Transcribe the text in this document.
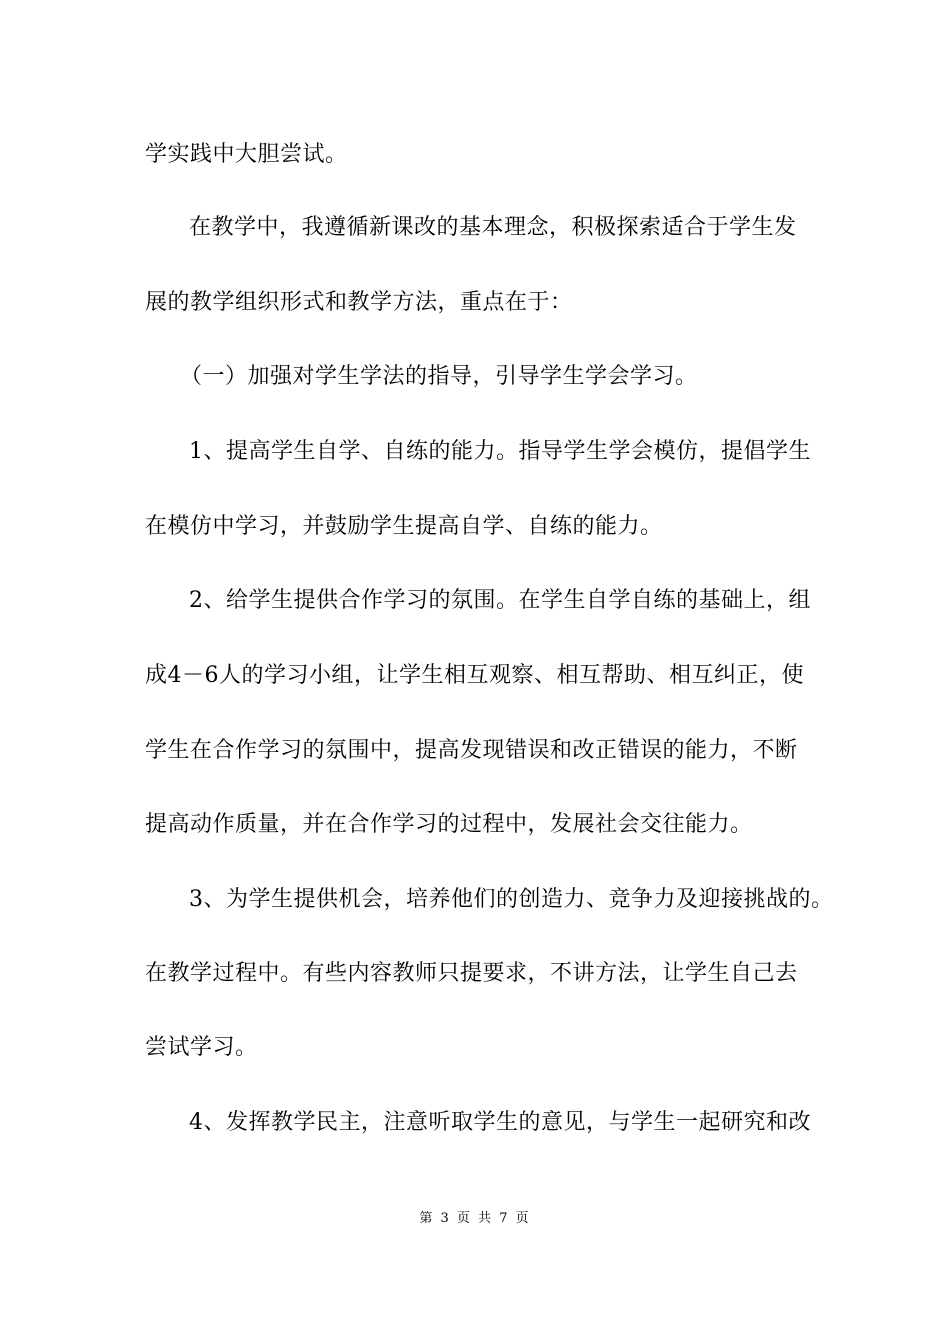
学实践中大胆尝试。
在教学中，我遵循新课改的基本理念，积极探索适合于学生发
展的教学组织形式和教学方法，重点在于：
（一）加强对学生学法的指导，引导学生学会学习。
1、提高学生自学、自练的能力。指导学生学会模仿，提倡学生
在模仿中学习，并鼓励学生提高自学、自练的能力。
2、给学生提供合作学习的氛围。在学生自学自练的基础上，组
成4－6人的学习小组，让学生相互观察、相互帮助、相互纠正，使
学生在合作学习的氛围中，提高发现错误和改正错误的能力，不断
提高动作质量，并在合作学习的过程中，发展社会交往能力。
3、为学生提供机会，培养他们的创造力、竞争力及迎接挑战的。
在教学过程中。有些内容教师只提要求，不讲方法，让学生自己去
尝试学习。
4、发挥教学民主，注意听取学生的意见，与学生一起研究和改
第 3 页 共 7 页
